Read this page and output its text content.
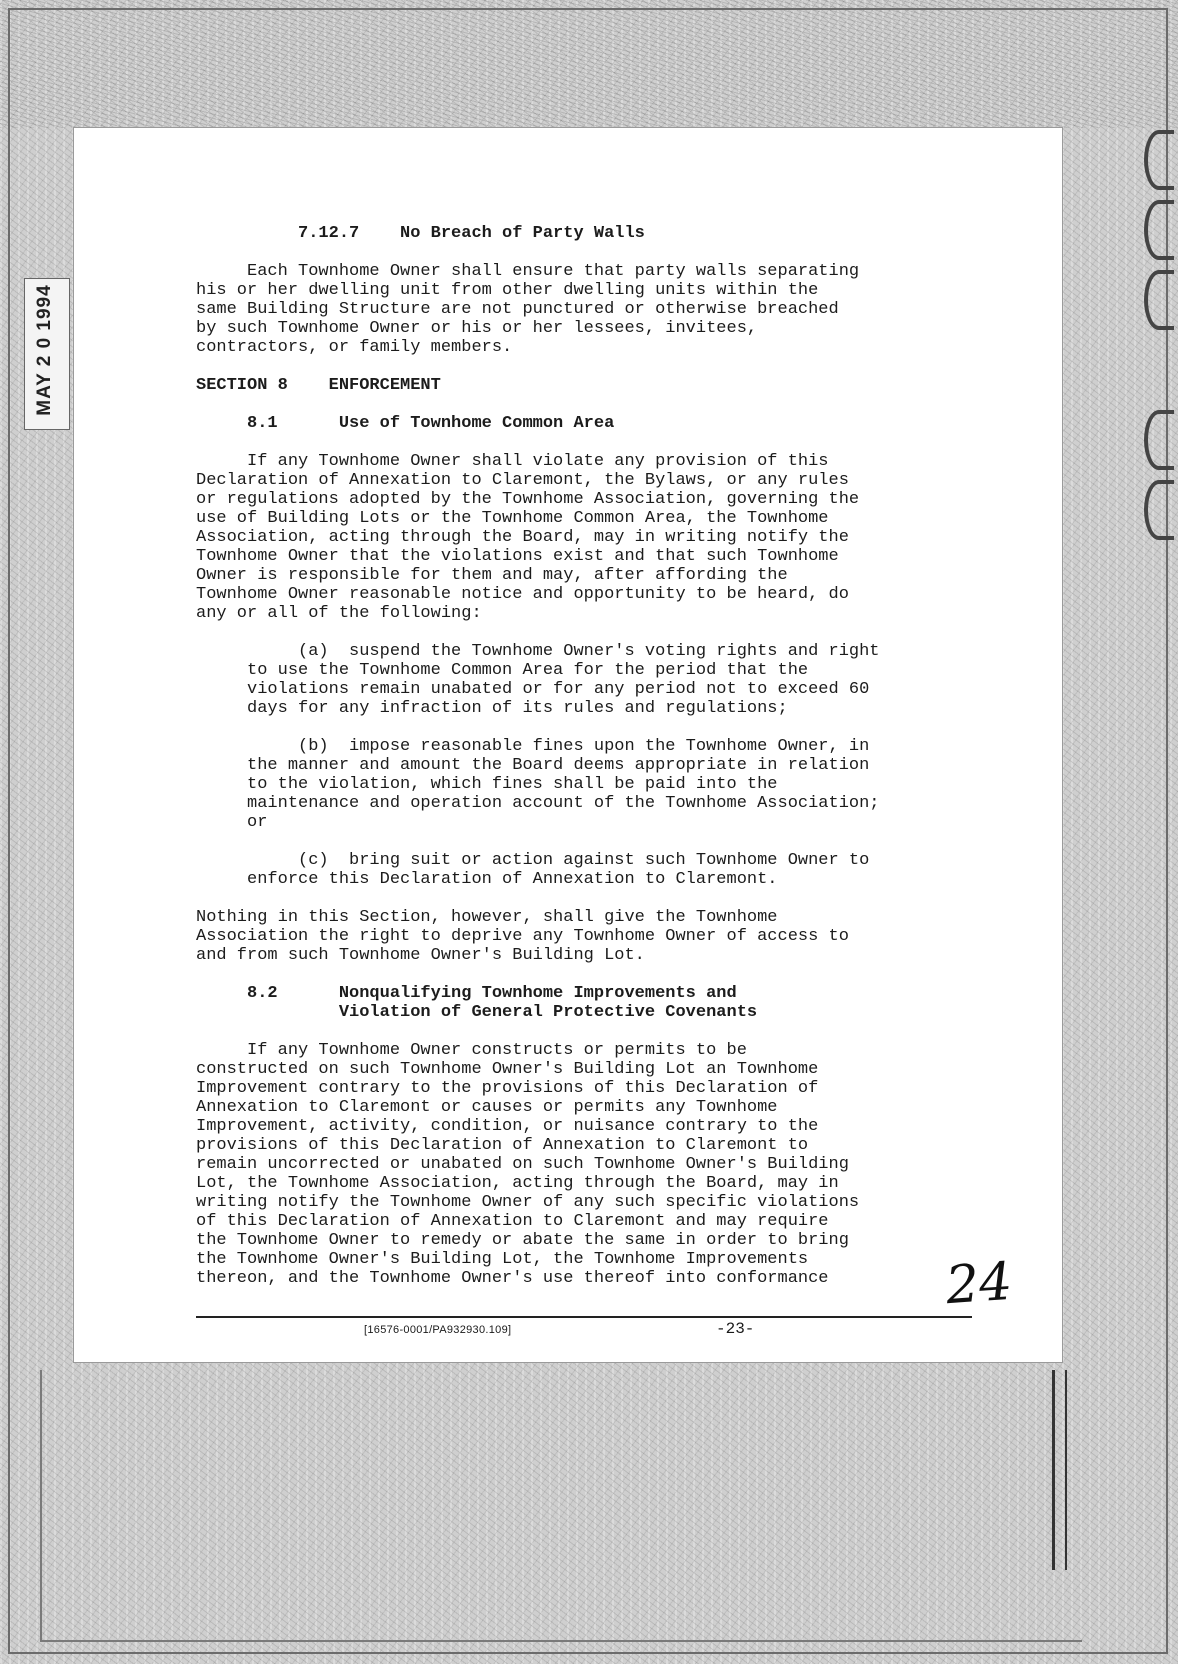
MAY 2 0 1994
7.12.7    No Breach of Party Walls
Each Townhome Owner shall ensure that party walls separating
his or her dwelling unit from other dwelling units within the
same Building Structure are not punctured or otherwise breached
by such Townhome Owner or his or her lessees, invitees,
contractors, or family members.
SECTION 8    ENFORCEMENT
8.1      Use of Townhome Common Area
If any Townhome Owner shall violate any provision of this
Declaration of Annexation to Claremont, the Bylaws, or any rules
or regulations adopted by the Townhome Association, governing the
use of Building Lots or the Townhome Common Area, the Townhome
Association, acting through the Board, may in writing notify the
Townhome Owner that the violations exist and that such Townhome
Owner is responsible for them and may, after affording the
Townhome Owner reasonable notice and opportunity to be heard, do
any or all of the following:
(a)  suspend the Townhome Owner's voting rights and right
to use the Townhome Common Area for the period that the
violations remain unabated or for any period not to exceed 60
days for any infraction of its rules and regulations;
(b)  impose reasonable fines upon the Townhome Owner, in
the manner and amount the Board deems appropriate in relation
to the violation, which fines shall be paid into the
maintenance and operation account of the Townhome Association;
or
(c)  bring suit or action against such Townhome Owner to
enforce this Declaration of Annexation to Claremont.
Nothing in this Section, however, shall give the Townhome
Association the right to deprive any Townhome Owner of access to
and from such Townhome Owner's Building Lot.
8.2      Nonqualifying Townhome Improvements and
Violation of General Protective Covenants
If any Townhome Owner constructs or permits to be
constructed on such Townhome Owner's Building Lot an Townhome
Improvement contrary to the provisions of this Declaration of
Annexation to Claremont or causes or permits any Townhome
Improvement, activity, condition, or nuisance contrary to the
provisions of this Declaration of Annexation to Claremont to
remain uncorrected or unabated on such Townhome Owner's Building
Lot, the Townhome Association, acting through the Board, may in
writing notify the Townhome Owner of any such specific violations
of this Declaration of Annexation to Claremont and may require
the Townhome Owner to remedy or abate the same in order to bring
the Townhome Owner's Building Lot, the Townhome Improvements
thereon, and the Townhome Owner's use thereof into conformance
[16576-0001/PA932930.109]	-23-
24
